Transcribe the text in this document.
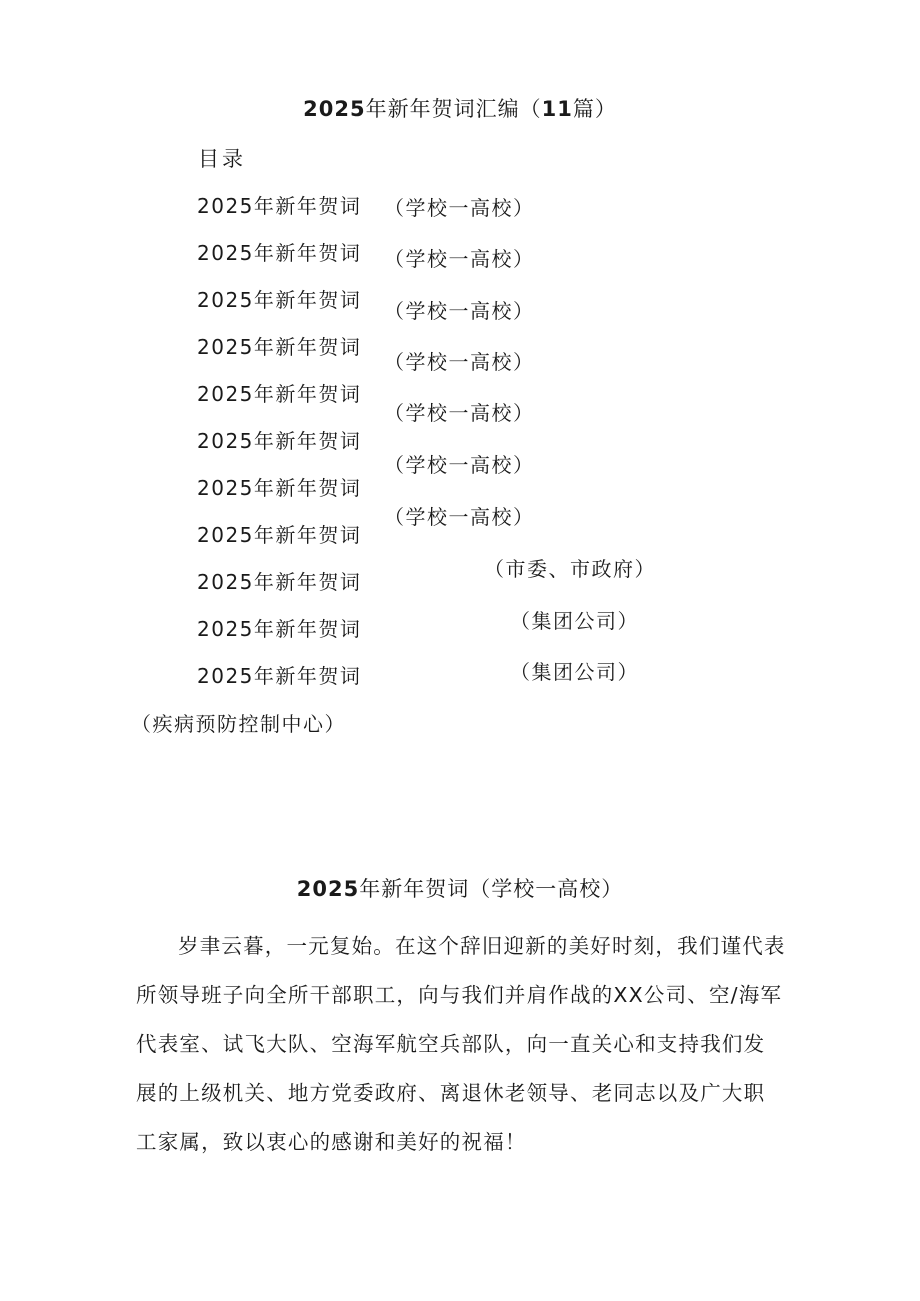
2025年新年贺词汇编（11篇）
目录
2025年新年贺词
2025年新年贺词
2025年新年贺词
2025年新年贺词
2025年新年贺词
2025年新年贺词
2025年新年贺词
2025年新年贺词
2025年新年贺词
2025年新年贺词
2025年新年贺词
（学校一高校）
（学校一高校）
（学校一高校）
（学校一高校）
（学校一高校）
（学校一高校）
（学校一高校）
（市委、市政府）
（集团公司）
（集团公司）
（疾病预防控制中心）
2025年新年贺词（学校一高校）
岁聿云暮，一元复始。在这个辞旧迎新的美好时刻，我们谨代表所领导班子向全所干部职工，向与我们并肩作战的XX公司、空/海军代表室、试飞大队、空海军航空兵部队，向一直关心和支持我们发展的上级机关、地方党委政府、离退休老领导、老同志以及广大职工家属，致以衷心的感谢和美好的祝福！
